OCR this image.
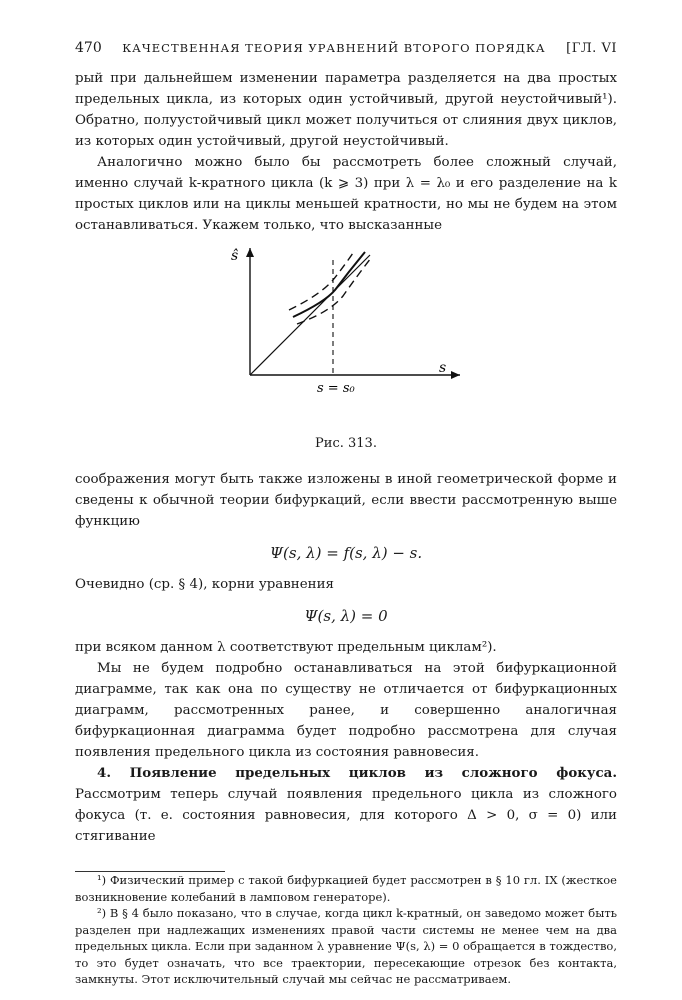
470 КАЧЕСТВЕННАЯ ТЕОРИЯ УРАВНЕНИЙ ВТОРОГО ПОРЯДКА [ГЛ. VI

рый при дальнейшем изменении параметра разделяется на два простых предельных цикла, из которых один устойчивый, другой неустойчивый¹). Обратно, полуустойчивый цикл может получиться от слияния двух циклов, из которых один устойчивый, другой неустойчивый.

Аналогично можно было бы рассмотреть более сложный случай, именно случай k-кратного цикла (k ⩾ 3) при λ = λ₀ и его разделение на k простых циклов или на циклы меньшей кратности, но мы не будем на этом останавливаться. Укажем только, что высказанные

ŝ
s
s = s₀
Рис. 313.

соображения могут быть также изложены в иной геометрической форме и сведены к обычной теории бифуркаций, если ввести рассмотренную выше функцию

Ψ(s, λ) = f(s, λ) − s.

Очевидно (ср. § 4), корни уравнения

Ψ(s, λ) = 0

при всяком данном λ соответствуют предельным циклам²).

Мы не будем подробно останавливаться на этой бифуркационной диаграмме, так как она по существу не отличается от бифуркационных диаграмм, рассмотренных ранее, и совершенно аналогичная бифуркационная диаграмма будет подробно рассмотрена для случая появления предельного цикла из состояния равновесия.

4. Появление предельных циклов из сложного фокуса. Рассмотрим теперь случай появления предельного цикла из сложного фокуса (т. е. состояния равновесия, для которого Δ > 0, σ = 0) или стягивание

¹) Физический пример с такой бифуркацией будет рассмотрен в § 10 гл. IX (жесткое возникновение колебаний в ламповом генераторе).
²) В § 4 было показано, что в случае, когда цикл k-кратный, он заведомо может быть разделен при надлежащих изменениях правой части системы не менее чем на два предельных цикла. Если при заданном λ уравнение Ψ(s, λ) = 0 обращается в тождество, то это будет означать, что все траектории, пересекающие отрезок без контакта, замкнуты. Этот исключительный случай мы сейчас не рассматриваем.
